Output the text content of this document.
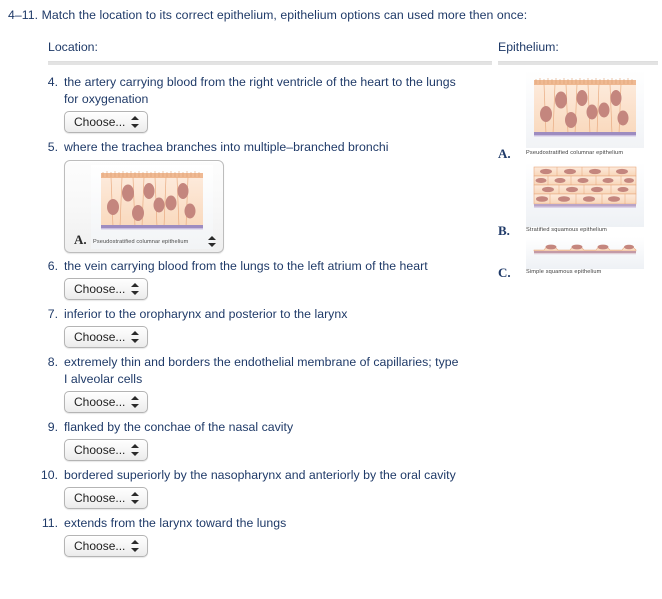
4–11. Match the location to its correct epithelium, epithelium options can used more then once:
Location:	Epithelium:
4. the artery carrying blood from the right ventricle of the heart to the lungs for oxygenation
Choose...
5. where the trachea branches into multiple–branched bronchi
A. Pseudostratified columnar epithelium
6. the vein carrying blood from the lungs to the left atrium of the heart
Choose...
7. inferior to the oropharynx and posterior to the larynx
Choose...
8. extremely thin and borders the endothelial membrane of capillaries; type I alveolar cells
Choose...
9. flanked by the conchae of the nasal cavity
Choose...
10. bordered superiorly by the nasopharynx and anteriorly by the oral cavity
Choose...
11. extends from the larynx toward the lungs
Choose...
A.	Pseudostratified columnar epithelium
B.	Stratified squamous epithelium
C.	Simple squamous epithelium
